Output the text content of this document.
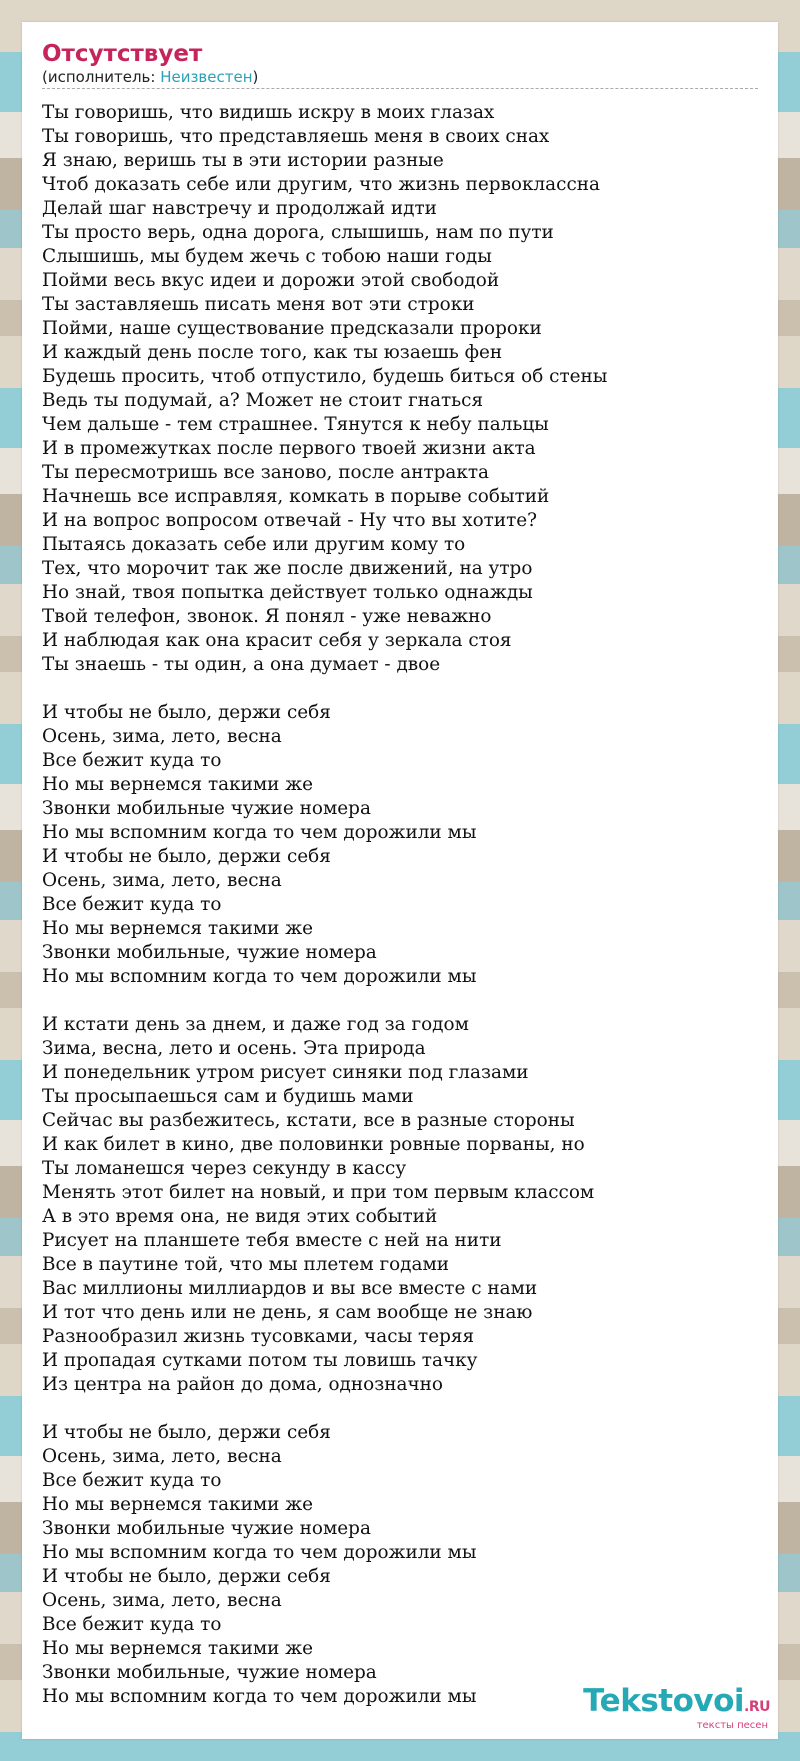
Отсутствует
(исполнитель: Неизвестен)
Ты говоришь, что видишь искру в моих глазах
Ты говоришь, что представляешь меня в своих снах
Я знаю, веришь ты в эти истории разные
Чтоб доказать себе или другим, что жизнь первоклассна
Делай шаг навстречу и продолжай идти
Ты просто верь, одна дорога, слышишь, нам по пути
Слышишь, мы будем жечь с тобою наши годы
Пойми весь вкус идеи и дорожи этой свободой
Ты заставляешь писать меня вот эти строки
Пойми, наше существование предсказали пророки
И каждый день после того, как ты юзаешь фен
Будешь просить, чтоб отпустило, будешь биться об стены
Ведь ты подумай, а? Может не стоит гнаться
Чем дальше - тем страшнее. Тянутся к небу пальцы
И в промежутках после первого твоей жизни акта
Ты пересмотришь все заново, после антракта
Начнешь все исправляя, комкать в порыве событий
И на вопрос вопросом отвечай - Ну что вы хотите?
Пытаясь доказать себе или другим кому то
Тех, что морочит так же после движений, на утро
Но знай, твоя попытка действует только однажды
Твой телефон, звонок. Я понял - уже неважно
И наблюдая как она красит себя у зеркала стоя
Ты знаешь - ты один, а она думает - двое
И чтобы не было, держи себя
Осень, зима, лето, весна
Все бежит куда то
Но мы вернемся такими же
Звонки мобильные чужие номера
Но мы вспомним когда то чем дорожили мы
И чтобы не было, держи себя
Осень, зима, лето, весна
Все бежит куда то
Но мы вернемся такими же
Звонки мобильные, чужие номера
Но мы вспомним когда то чем дорожили мы
И кстати день за днем, и даже год за годом
Зима, весна, лето и осень. Эта природа
И понедельник утром рисует синяки под глазами
Ты просыпаешься сам и будишь мами
Сейчас вы разбежитесь, кстати, все в разные стороны
И как билет в кино, две половинки ровные порваны, но
Ты ломанешся через секунду в кассу
Менять этот билет на новый, и при том первым классом
А в это время она, не видя этих событий
Рисует на планшете тебя вместе с ней на нити
Все в паутине той, что мы плетем годами
Вас миллионы миллиардов и вы все вместе с нами
И тот что день или не день, я сам вообще не знаю
Разнообразил жизнь тусовками, часы теряя
И пропадая сутками потом ты ловишь тачку
Из центра на район до дома, однозначно
И чтобы не было, держи себя
Осень, зима, лето, весна
Все бежит куда то
Но мы вернемся такими же
Звонки мобильные чужие номера
Но мы вспомним когда то чем дорожили мы
И чтобы не было, держи себя
Осень, зима, лето, весна
Все бежит куда то
Но мы вернемся такими же
Звонки мобильные, чужие номера
Но мы вспомним когда то чем дорожили мы	Tekstovoi.RU
тексты песен
